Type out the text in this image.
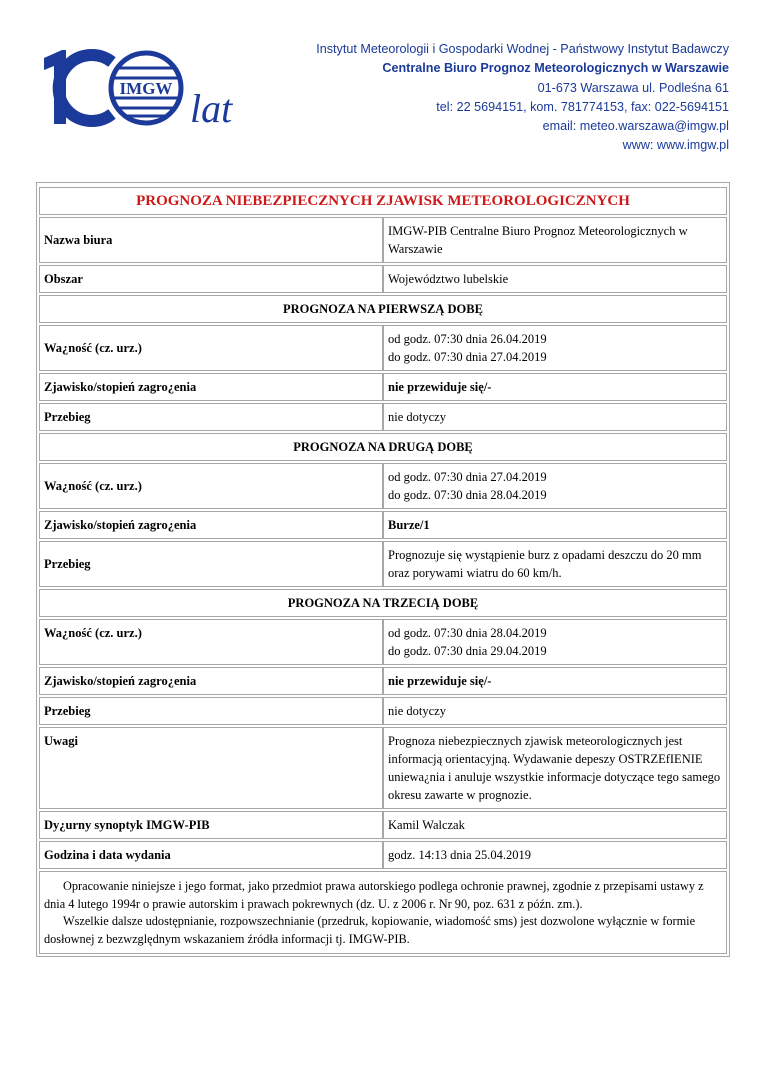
IMGW lat
Instytut Meteorologii i Gospodarki Wodnej - Państwowy Instytut Badawczy
Centralne Biuro Prognoz Meteorologicznych w Warszawie
01-673 Warszawa ul. Podleśna 61
tel: 22 5694151, kom. 781774153, fax: 022-5694151
email: meteo.warszawa@imgw.pl
www: www.imgw.pl
PROGNOZA NIEBEZPIECZNYCH ZJAWISK METEOROLOGICZNYCH	
Nazwa biura	IMGW-PIB Centralne Biuro Prognoz Meteorologicznych w Warszawie
Obszar	Województwo lubelskie
PROGNOZA NA PIERWSZĄ DOBĘ	
Wa¿ność (cz. urz.)	od godz. 07:30 dnia 26.04.2019
do godz. 07:30 dnia 27.04.2019

Zjawisko/stopień zagro¿enia	nie przewiduje się/-
Przebieg	nie dotyczy
PROGNOZA NA DRUGĄ DOBĘ	
Wa¿ność (cz. urz.)	od godz. 07:30 dnia 27.04.2019
do godz. 07:30 dnia 28.04.2019

Zjawisko/stopień zagro¿enia	Burze/1
Przebieg	Prognozuje się wystąpienie burz z opadami deszczu do 20 mm oraz porywami wiatru do 60 km/h.
PROGNOZA NA TRZECIĄ DOBĘ	
Wa¿ność (cz. urz.)	od godz. 07:30 dnia 28.04.2019
do godz. 07:30 dnia 29.04.2019

Zjawisko/stopień zagro¿enia	nie przewiduje się/-
Przebieg	nie dotyczy
Uwagi	Prognoza niebezpiecznych zjawisk meteorologicznych jest informacją orientacyjną. Wydawanie depeszy OSTRZEfIENIE uniewa¿nia i anuluje wszystkie informacje dotyczące tego samego okresu zawarte w prognozie.
Dy¿urny synoptyk IMGW-PIB	Kamil Walczak
Godzina i data wydania	godz. 14:13 dnia 25.04.2019

Opracowanie niniejsze i jego format, jako przedmiot prawa autorskiego podlega ochronie prawnej, zgodnie z przepisami ustawy z dnia 4 lutego 1994r o prawie autorskim i prawach pokrewnych (dz. U. z 2006 r. Nr 90, poz. 631 z późn. zm.).

Wszelkie dalsze udostępnianie, rozpowszechnianie (przedruk, kopiowanie, wiadomość sms) jest dozwolone wyłącznie w formie dosłownej z bezwzględnym wskazaniem źródła informacji tj. IMGW-PIB.
